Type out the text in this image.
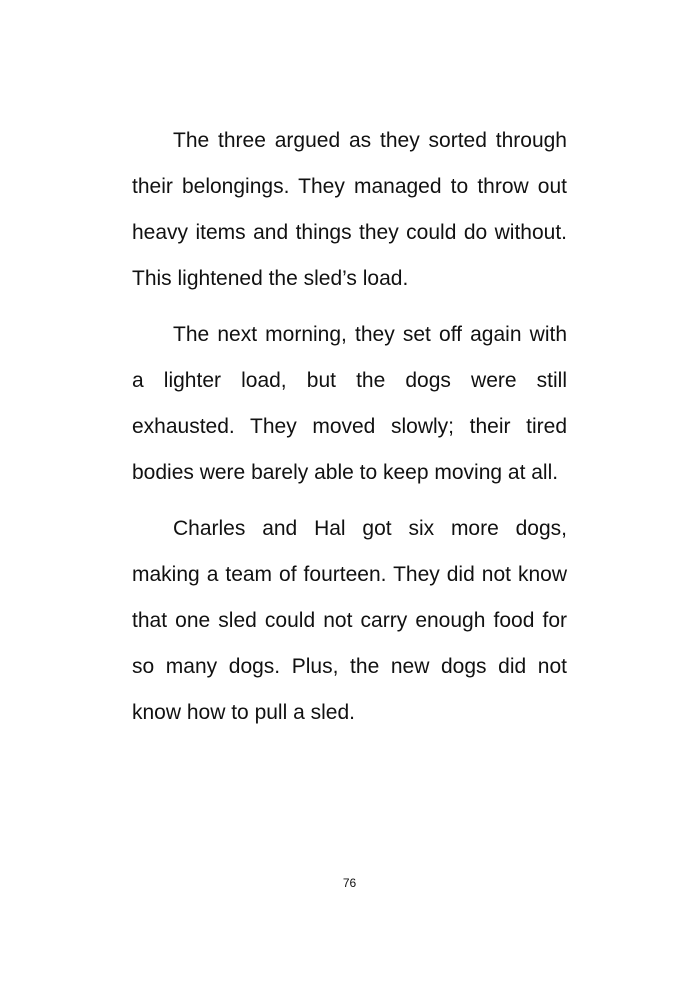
The three argued as they sorted through their belongings. They managed to throw out heavy items and things they could do without. This lightened the sled’s load.

The next morning, they set off again with a lighter load, but the dogs were still exhausted. They moved slowly; their tired bodies were barely able to keep moving at all.

Charles and Hal got six more dogs, making a team of fourteen. They did not know that one sled could not carry enough food for so many dogs. Plus, the new dogs did not know how to pull a sled.

76
